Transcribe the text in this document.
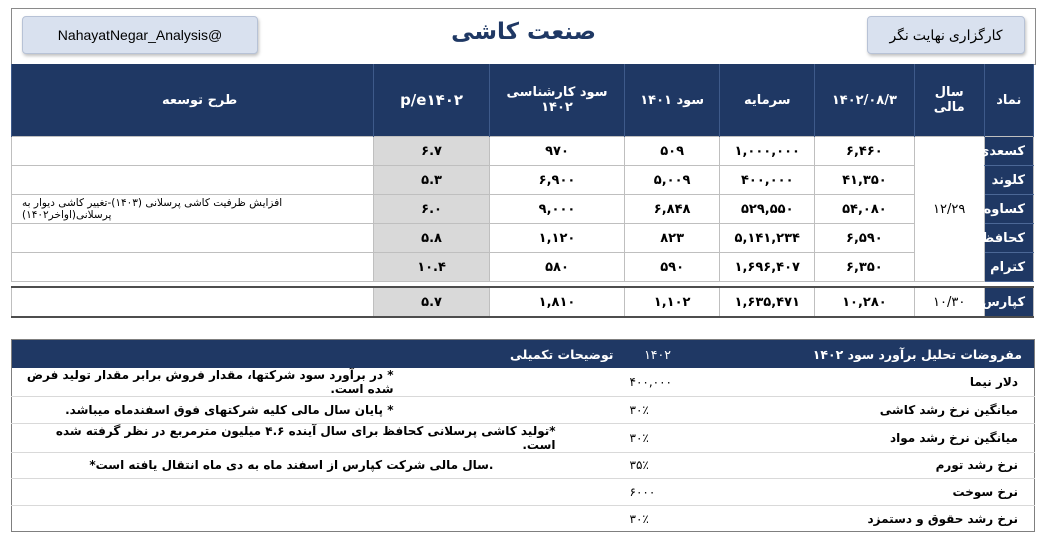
NahayatNegar_Analysis@	صنعت کاشی	کارگزاری نهایت نگر
نماد	سال مالی	۱۴۰۲/۰۸/۳	سرمایه	سود ۱۴۰۱	سود کارشناسی ۱۴۰۲	p/e۱۴۰۲	طرح توسعه
کسعدی	۱۲/۲۹	۶,۴۶۰	۱,۰۰۰,۰۰۰	۵۰۹	۹۷۰	۶.۷	
کلوند		۴۱,۳۵۰	۴۰۰,۰۰۰	۵,۰۰۹	۶,۹۰۰	۵.۳	
کساوه		۵۴,۰۸۰	۵۲۹,۵۵۰	۶,۸۴۸	۹,۰۰۰	۶.۰	افزایش ظرفیت کاشی پرسلانی (۱۴۰۳)-تغییر کاشی دیوار به پرسلانی(اواخر۱۴۰۲)
کحافظ		۶,۵۹۰	۵,۱۴۱,۲۳۴	۸۲۳	۱,۱۲۰	۵.۸	
کترام		۶,۳۵۰	۱,۶۹۶,۴۰۷	۵۹۰	۵۸۰	۱۰.۴	

کپارس	۱۰/۳۰	۱۰,۲۸۰	۱,۶۳۵,۴۷۱	۱,۱۰۲	۱,۸۱۰	۵.۷	
مفروضات تحلیل برآورد سود ۱۴۰۲	۱۴۰۲	توضیحات تکمیلی
دلار نیما	۴۰۰,۰۰۰	* در برآورد سود شرکتها، مقدار فروش برابر مقدار تولید فرض شده است.
میانگین نرخ رشد کاشی	۳۰٪	* پایان سال مالی کلیه شرکتهای فوق اسفندماه میباشد.
میانگین نرخ رشد مواد	۳۰٪	*تولید کاشی پرسلانی کحافظ برای سال آینده ۴.۶ میلیون مترمربع در نظر گرفته شده است.
نرخ رشد تورم	۳۵٪	.سال مالی شرکت کپارس از اسفند ماه به دی ماه انتقال یافته است*
نرخ سوخت	۶۰۰۰	
نرخ رشد حقوق و دستمزد	۳۰٪	
